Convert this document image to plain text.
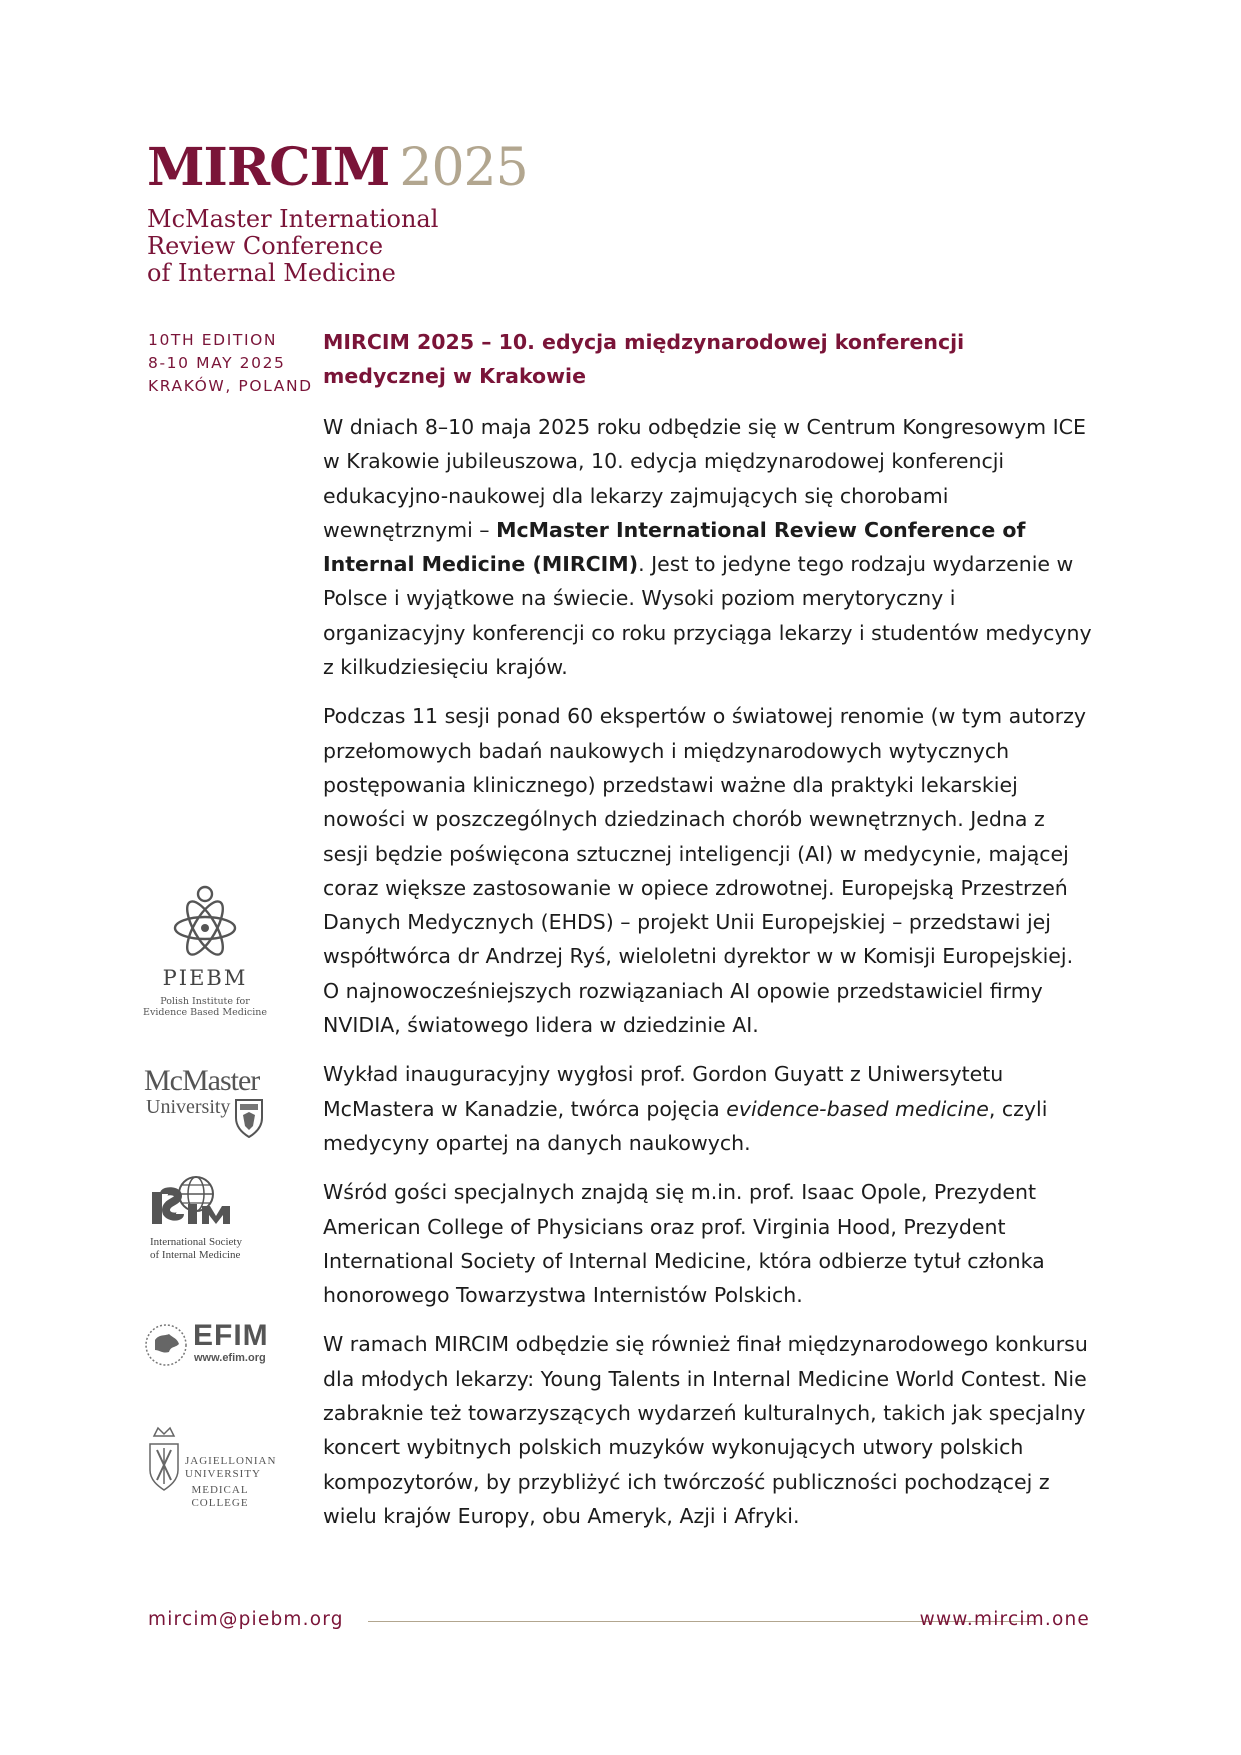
MIRCIM 2025
McMaster International
Review Conference
of Internal Medicine
10TH EDITION
8-10 MAY 2025
KRAKÓW, POLAND
MIRCIM 2025 – 10. edycja międzynarodowej konferencji medycznej w Krakowie

W dniach 8–10 maja 2025 roku odbędzie się w Centrum Kongresowym ICE w Krakowie jubileuszowa, 10. edycja międzynarodowej konferencji edukacyjno-naukowej dla lekarzy zajmujących się chorobami wewnętrznymi – McMaster International Review Conference of Internal Medicine (MIRCIM). Jest to jedyne tego rodzaju wydarzenie w Polsce i wyjątkowe na świecie. Wysoki poziom merytoryczny i organizacyjny konferencji co roku przyciąga lekarzy i studentów medycyny z kilkudziesięciu krajów.

Podczas 11 sesji ponad 60 ekspertów o światowej renomie (w tym autorzy przełomowych badań naukowych i międzynarodowych wytycznych postępowania klinicznego) przedstawi ważne dla praktyki lekarskiej nowości w poszczególnych dziedzinach chorób wewnętrznych. Jedna z sesji będzie poświęcona sztucznej inteligencji (AI) w medycynie, mającej coraz większe zastosowanie w opiece zdrowotnej. Europejską Przestrzeń Danych Medycznych (EHDS) – projekt Unii Europejskiej – przedstawi jej współtwórca dr Andrzej Ryś, wieloletni dyrektor w w Komisji Europejskiej. O najnowocześniejszych rozwiązaniach AI opowie przedstawiciel firmy NVIDIA, światowego lidera w dziedzinie AI.

Wykład inauguracyjny wygłosi prof. Gordon Guyatt z Uniwersytetu McMastera w Kanadzie, twórca pojęcia evidence-based medicine, czyli medycyny opartej na danych naukowych.

Wśród gości specjalnych znajdą się m.in. prof. Isaac Opole, Prezydent American College of Physicians oraz prof. Virginia Hood, Prezydent International Society of Internal Medicine, która odbierze tytuł członka honorowego Towarzystwa Internistów Polskich.

W ramach MIRCIM odbędzie się również finał międzynarodowego konkursu dla młodych lekarzy: Young Talents in Internal Medicine World Contest. Nie zabraknie też towarzyszących wydarzeń kulturalnych, takich jak specjalny koncert wybitnych polskich muzyków wykonujących utwory polskich kompozytorów, by przybliżyć ich twórczość publiczności pochodzącej z wielu krajów Europy, obu Ameryk, Azji i Afryki.

PIEBM
Polish Institute for
Evidence Based Medicine
McMaster
University
International Society
of Internal Medicine
EFIM
www.efim.org
JAGIELLONIAN
UNIVERSITY
MEDICAL
COLLEGE
mircim@piebm.org	www.mircim.one
